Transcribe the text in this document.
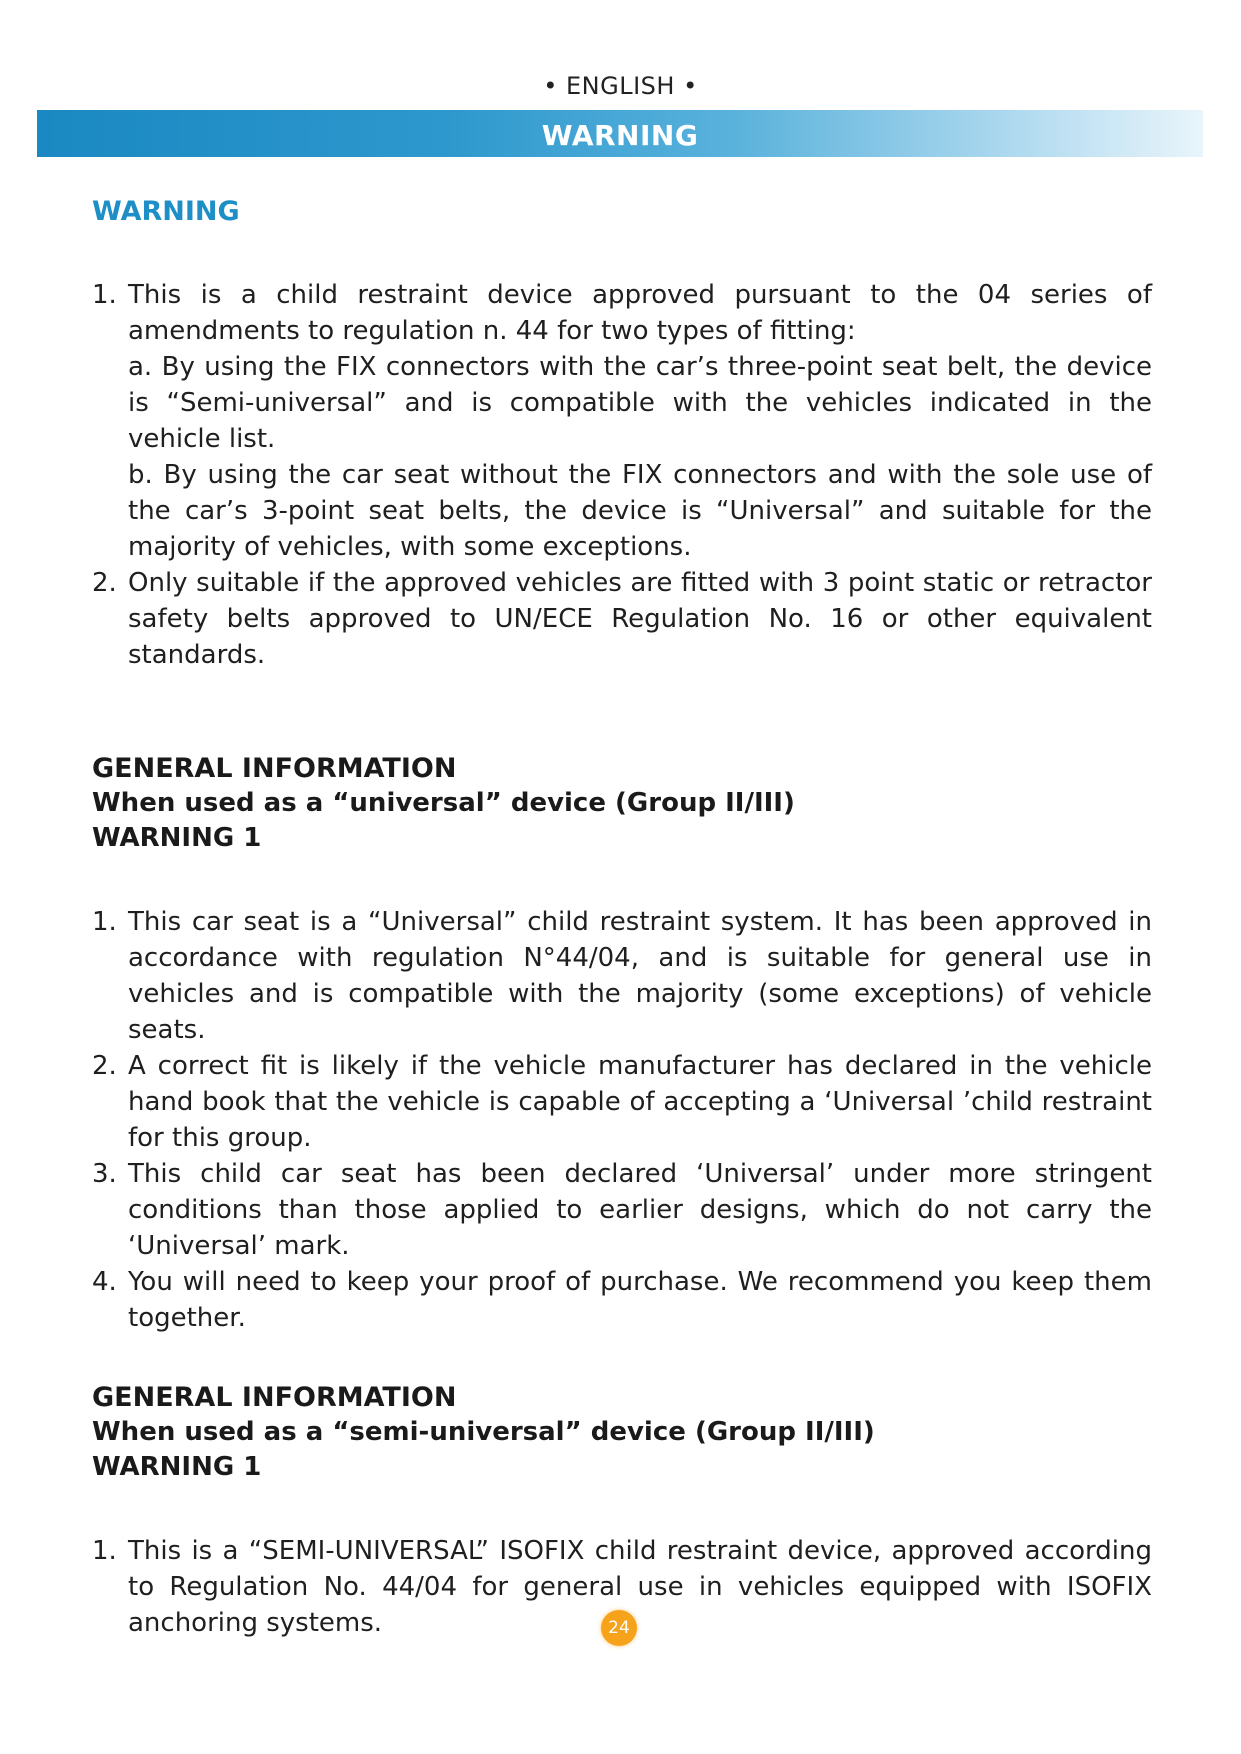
• ENGLISH •
WARNING
WARNING
1. This is a child restraint device approved pursuant to the 04 series of amendments to regulation n. 44 for two types of fitting:
a. By using the FIX connectors with the car’s three-point seat belt, the device is “Semi-universal” and is compatible with the vehicles indicated in the vehicle list.
b. By using the car seat without the FIX connectors and with the sole use of the car’s 3-point seat belts, the device is “Universal” and suitable for the majority of vehicles, with some exceptions.
2. Only suitable if the approved vehicles are fitted with 3 point static or retractor safety belts approved to UN/ECE Regulation No. 16 or other equivalent standards.
GENERAL INFORMATION
When used as a “universal” device (Group II/III)
WARNING 1
1. This car seat is a “Universal” child restraint system. It has been approved in accordance with regulation N°44/04, and is suitable for general use in vehicles and is compatible with the majority (some exceptions) of vehicle seats.
2. A correct fit is likely if the vehicle manufacturer has declared in the vehicle hand book that the vehicle is capable of accepting a ‘Universal ’child restraint for this group.
3. This child car seat has been declared ‘Universal’ under more stringent conditions than those applied to earlier designs, which do not carry the ‘Universal’ mark.
4. You will need to keep your proof of purchase. We recommend you keep them together.
GENERAL INFORMATION
When used as a “semi-universal” device (Group II/III)
WARNING 1
1. This is a “SEMI-UNIVERSAL” ISOFIX child restraint device, approved according to Regulation No. 44/04 for general use in vehicles equipped with ISOFIX anchoring systems.	24
